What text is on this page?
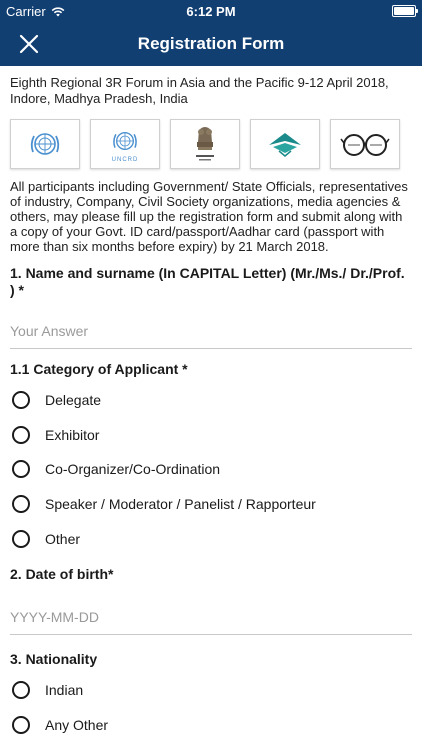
Carrier	6:12 PM
Registration Form
Eighth Regional 3R Forum in Asia and the Pacific 9-12 April 2018, Indore, Madhya Pradesh, India
UNCRD
All participants including Government/ State Officials, representatives of industry, Company, Civil Society organizations, media agencies & others, may please fill up the registration form and submit along with a copy of your Govt. ID card/passport/Aadhar card (passport with more than six months before expiry) by 21 March 2018.
1. Name and surname (In CAPITAL Letter) (Mr./Ms./ Dr./Prof. ) *
Your Answer
1.1 Category of Applicant *
Delegate
Exhibitor
Co-Organizer/Co-Ordination
Speaker / Moderator / Panelist / Rapporteur
Other
2. Date of birth*
YYYY-MM-DD
3. Nationality
Indian
Any Other
